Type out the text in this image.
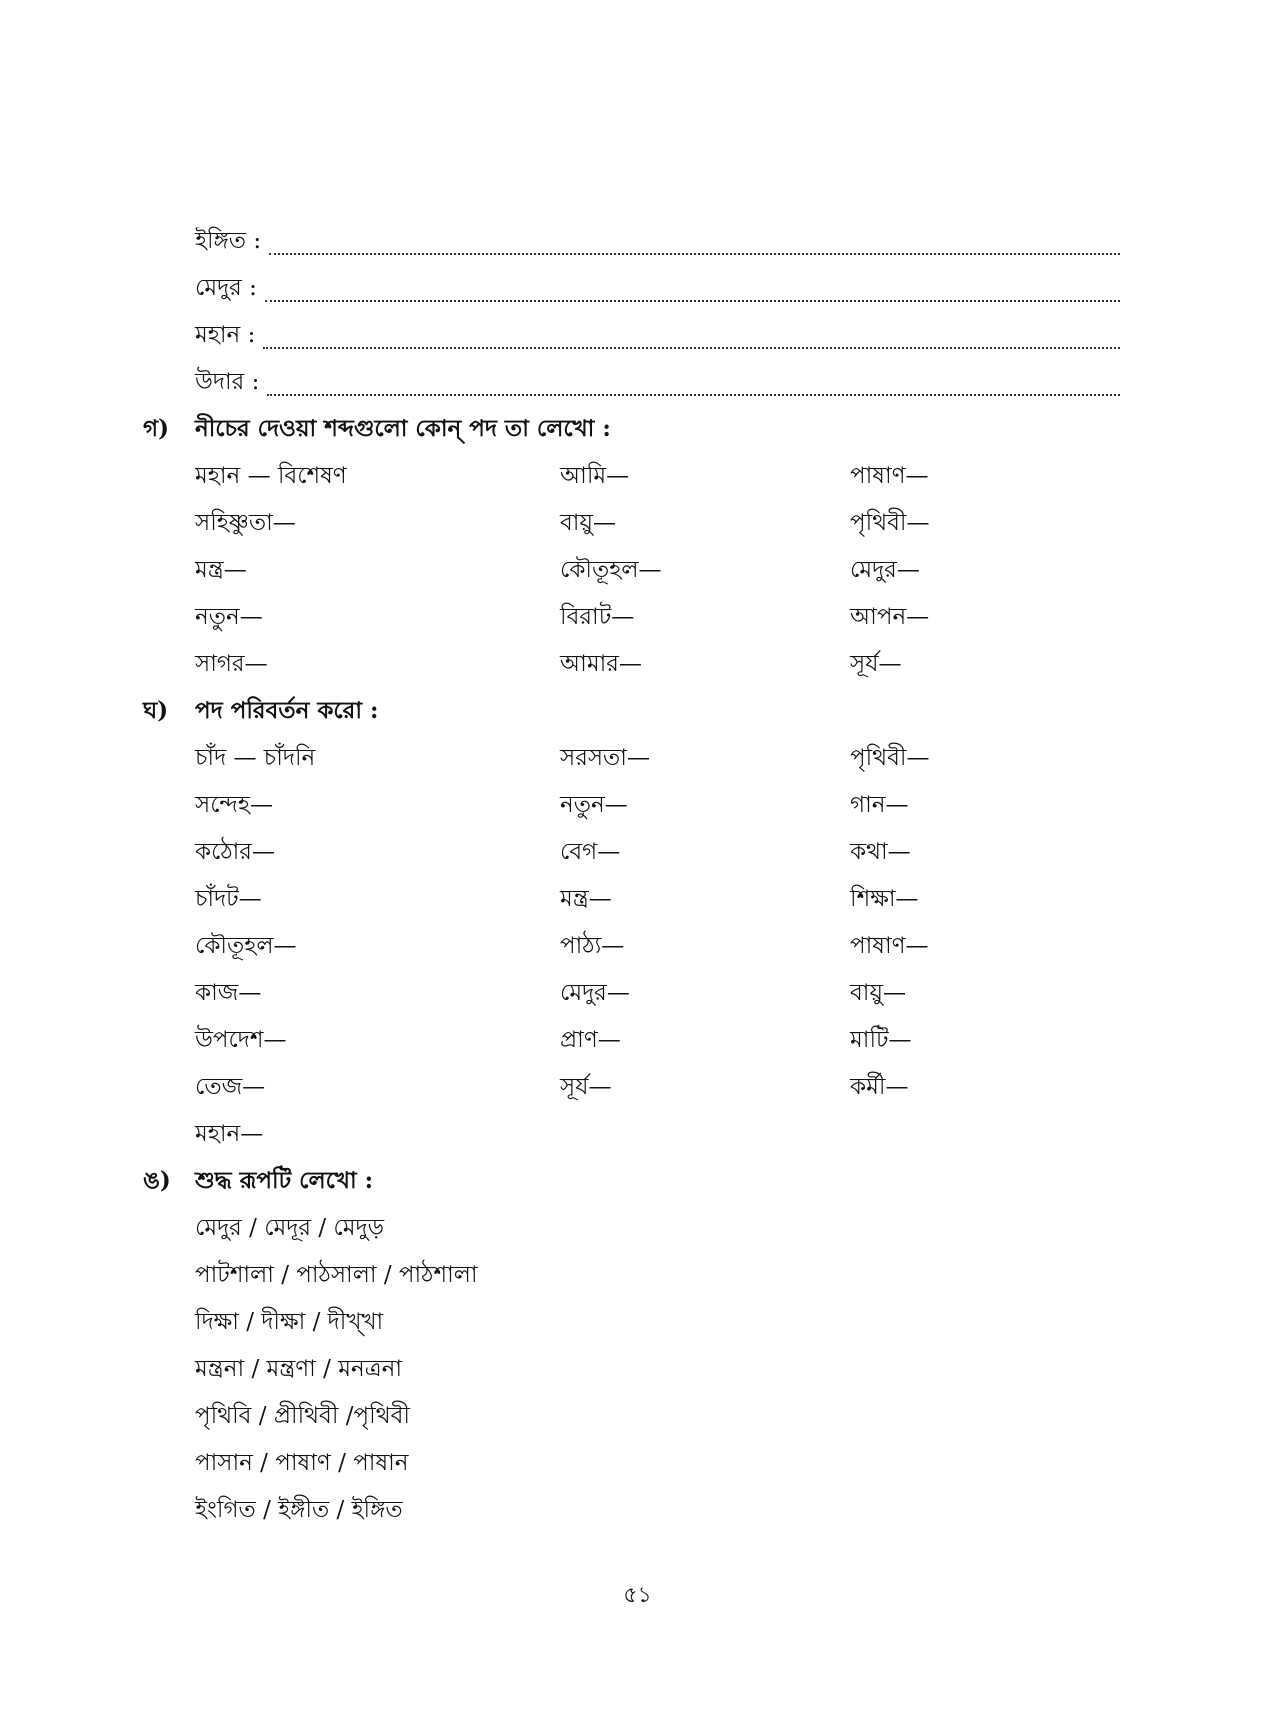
ইঙ্গিত :
মেদুর :
মহান :
উদার :
গ) নীচের দেওয়া শব্দগুলো কোন্ পদ তা লেখো :
মহান — বিশেষণ	আমি—	পাষাণ—
সহিষ্ণুতা—	বায়ু—	পৃথিবী—
মন্ত্র—	কৌতূহল—	মেদুর—
নতুন—	বিরাট—	আপন—
সাগর—	আমার—	সূর্য—
ঘ) পদ পরিবর্তন করো :
চাঁদ — চাঁদনি	সরসতা—	পৃথিবী—
সন্দেহ—	নতুন—	গান—
কঠোর—	বেগ—	কথা—
চাঁদট—	মন্ত্র—	শিক্ষা—
কৌতূহল—	পাঠ্য—	পাষাণ—
কাজ—	মেদুর—	বায়ু—
উপদেশ—	প্রাণ—	মাটি—
তেজ—	সূর্য—	কর্মী—
মহান—
ঙ) শুদ্ধ রূপটি লেখো :
মেদুর / মেদূর / মেদুড়
পাটশালা / পাঠসালা / পাঠশালা
দিক্ষা / দীক্ষা / দীখ্‌খা
মন্ত্রনা / মন্ত্রণা / মনত্রনা
পৃথিবি / প্রীথিবী /পৃথিবী
পাসান / পাষাণ / পাষান
ইংগিত / ইঙ্গীত / ইঙ্গিত
৫১
